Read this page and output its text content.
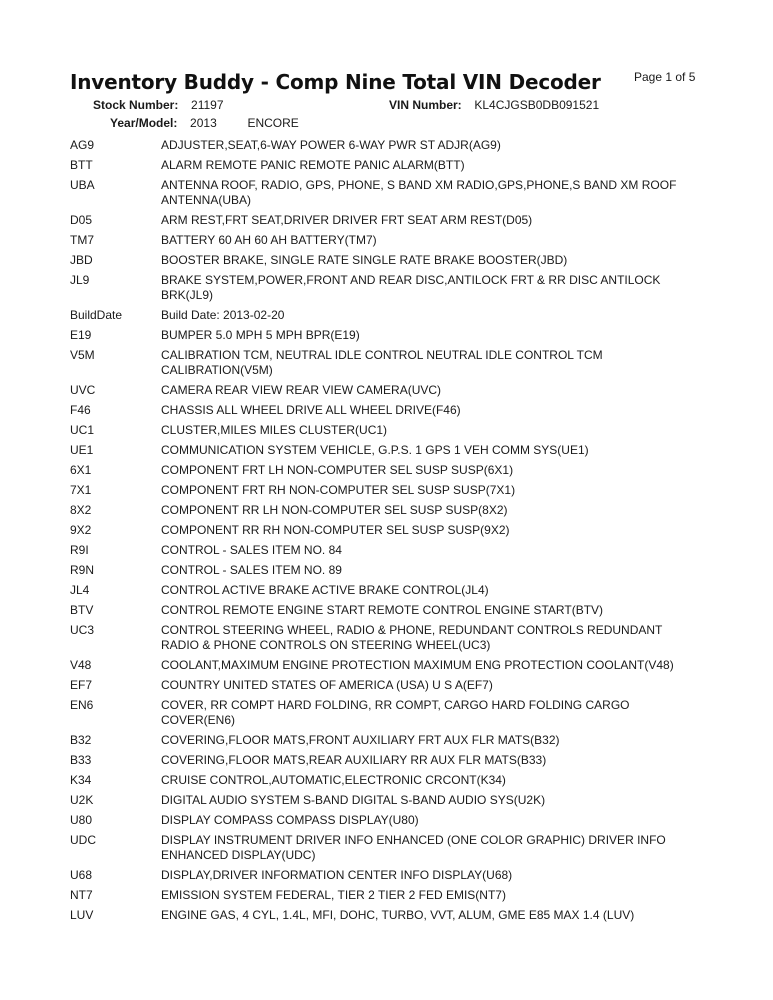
Inventory Buddy - Comp Nine Total VIN Decoder	Page 1 of 5
Stock Number: 21197	VIN Number: KL4CJGSB0DB091521
Year/Model: 2013	ENCORE
AG9	ADJUSTER,SEAT,6-WAY POWER 6-WAY PWR ST ADJR(AG9)
BTT	ALARM REMOTE PANIC REMOTE PANIC ALARM(BTT)
UBA	ANTENNA ROOF, RADIO, GPS, PHONE, S BAND XM RADIO,GPS,PHONE,S BAND XM ROOF ANTENNA(UBA)
D05	ARM REST,FRT SEAT,DRIVER DRIVER FRT SEAT ARM REST(D05)
TM7	BATTERY 60 AH 60 AH BATTERY(TM7)
JBD	BOOSTER BRAKE, SINGLE RATE SINGLE RATE BRAKE BOOSTER(JBD)
JL9	BRAKE SYSTEM,POWER,FRONT AND REAR DISC,ANTILOCK FRT & RR DISC ANTILOCK BRK(JL9)
BuildDate	Build Date: 2013-02-20
E19	BUMPER 5.0 MPH 5 MPH BPR(E19)
V5M	CALIBRATION TCM, NEUTRAL IDLE CONTROL NEUTRAL IDLE CONTROL TCM CALIBRATION(V5M)
UVC	CAMERA REAR VIEW REAR VIEW CAMERA(UVC)
F46	CHASSIS ALL WHEEL DRIVE ALL WHEEL DRIVE(F46)
UC1	CLUSTER,MILES MILES CLUSTER(UC1)
UE1	COMMUNICATION SYSTEM VEHICLE, G.P.S. 1 GPS 1 VEH COMM SYS(UE1)
6X1	COMPONENT FRT LH NON-COMPUTER SEL SUSP SUSP(6X1)
7X1	COMPONENT FRT RH NON-COMPUTER SEL SUSP SUSP(7X1)
8X2	COMPONENT RR LH NON-COMPUTER SEL SUSP SUSP(8X2)
9X2	COMPONENT RR RH NON-COMPUTER SEL SUSP SUSP(9X2)
R9I	CONTROL - SALES ITEM NO. 84
R9N	CONTROL - SALES ITEM NO. 89
JL4	CONTROL ACTIVE BRAKE ACTIVE BRAKE CONTROL(JL4)
BTV	CONTROL REMOTE ENGINE START REMOTE CONTROL ENGINE START(BTV)
UC3	CONTROL STEERING WHEEL, RADIO & PHONE, REDUNDANT CONTROLS REDUNDANT RADIO & PHONE CONTROLS ON STEERING WHEEL(UC3)
V48	COOLANT,MAXIMUM ENGINE PROTECTION MAXIMUM ENG PROTECTION COOLANT(V48)
EF7	COUNTRY UNITED STATES OF AMERICA (USA) U S A(EF7)
EN6	COVER, RR COMPT HARD FOLDING, RR COMPT, CARGO HARD FOLDING CARGO COVER(EN6)
B32	COVERING,FLOOR MATS,FRONT AUXILIARY FRT AUX FLR MATS(B32)
B33	COVERING,FLOOR MATS,REAR AUXILIARY RR AUX FLR MATS(B33)
K34	CRUISE CONTROL,AUTOMATIC,ELECTRONIC CRCONT(K34)
U2K	DIGITAL AUDIO SYSTEM S-BAND DIGITAL S-BAND AUDIO SYS(U2K)
U80	DISPLAY COMPASS COMPASS DISPLAY(U80)
UDC	DISPLAY INSTRUMENT DRIVER INFO ENHANCED (ONE COLOR GRAPHIC) DRIVER INFO ENHANCED DISPLAY(UDC)
U68	DISPLAY,DRIVER INFORMATION CENTER INFO DISPLAY(U68)
NT7	EMISSION SYSTEM FEDERAL, TIER 2 TIER 2 FED EMIS(NT7)
LUV	ENGINE GAS, 4 CYL, 1.4L, MFI, DOHC, TURBO, VVT, ALUM, GME E85 MAX 1.4 (LUV)
